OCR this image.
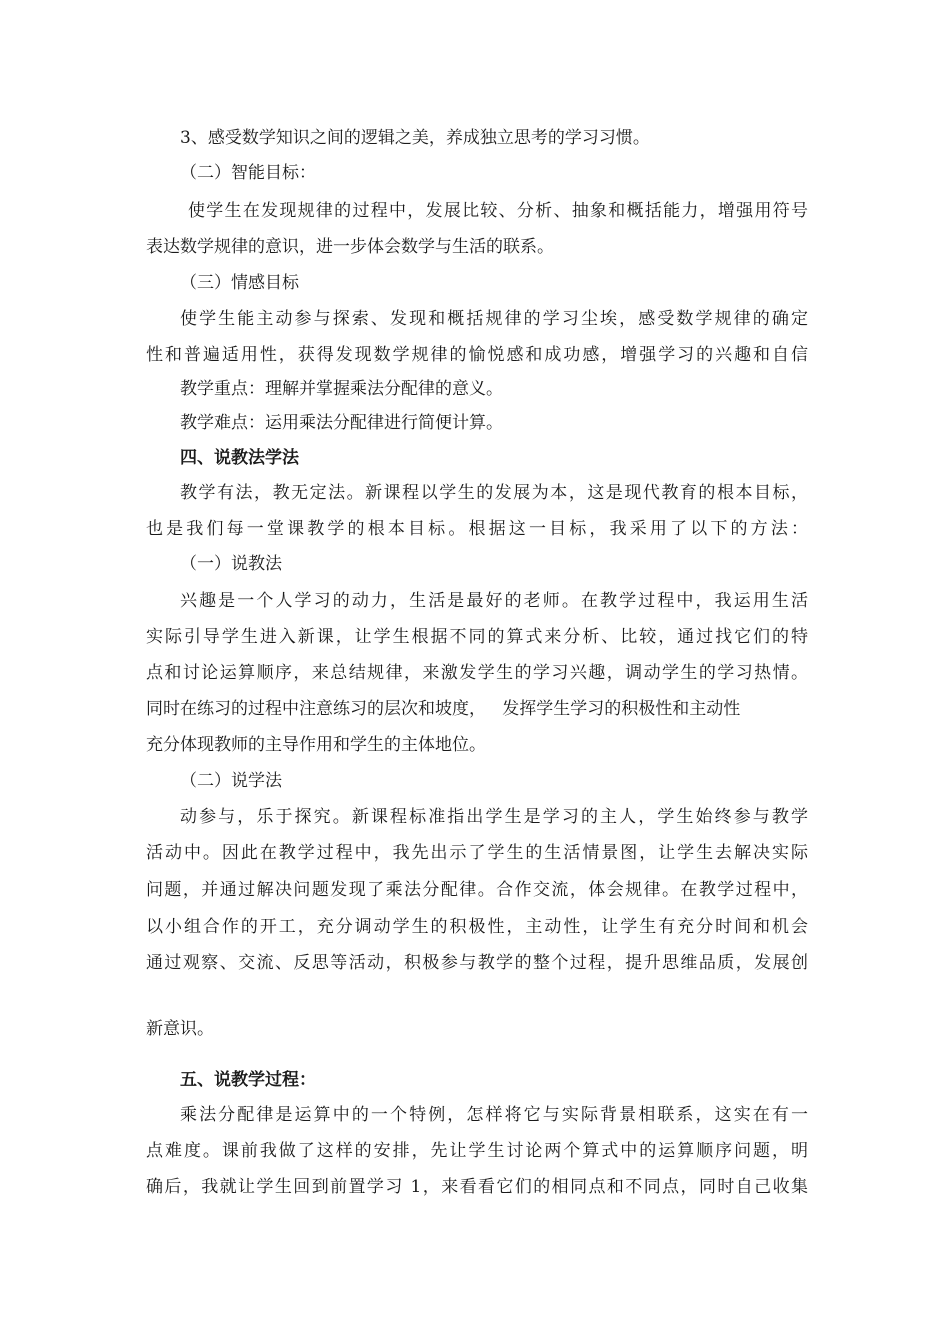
3、感受数学知识之间的逻辑之美，养成独立思考的学习习惯。
（二）智能目标：
使学生在发现规律的过程中，发展比较、分析、抽象和概括能力，增强用符号
表达数学规律的意识，进一步体会数学与生活的联系。
（三）情感目标
使学生能主动参与探索、发现和概括规律的学习尘埃，感受数学规律的确定
性和普遍适用性，获得发现数学规律的愉悦感和成功感，增强学习的兴趣和自信
教学重点：理解并掌握乘法分配律的意义。
教学难点：运用乘法分配律进行简便计算。
四、说教法学法
教学有法，教无定法。新课程以学生的发展为本，这是现代教育的根本目标，
也是我们每一堂课教学的根本目标。根据这一目标，我采用了以下的方法：
（一）说教法
兴趣是一个人学习的动力，生活是最好的老师。在教学过程中，我运用生活
实际引导学生进入新课，让学生根据不同的算式来分析、比较，通过找它们的特
点和讨论运算顺序，来总结规律，来激发学生的学习兴趣，调动学生的学习热情。
同时在练习的过程中注意练习的层次和坡度，   发挥学生学习的积极性和主动性
充分体现教师的主导作用和学生的主体地位。
（二）说学法
动参与，乐于探究。新课程标准指出学生是学习的主人，学生始终参与教学
活动中。因此在教学过程中，我先出示了学生的生活情景图，让学生去解决实际
问题，并通过解决问题发现了乘法分配律。合作交流，体会规律。在教学过程中，
以小组合作的开工，充分调动学生的积极性，主动性，让学生有充分时间和机会
通过观察、交流、反思等活动，积极参与教学的整个过程，提升思维品质，发展创
新意识。
五、说教学过程：
乘法分配律是运算中的一个特例，怎样将它与实际背景相联系，这实在有一
点难度。课前我做了这样的安排，先让学生讨论两个算式中的运算顺序问题，明
确后，我就让学生回到前置学习 1，来看看它们的相同点和不同点，同时自己收集
